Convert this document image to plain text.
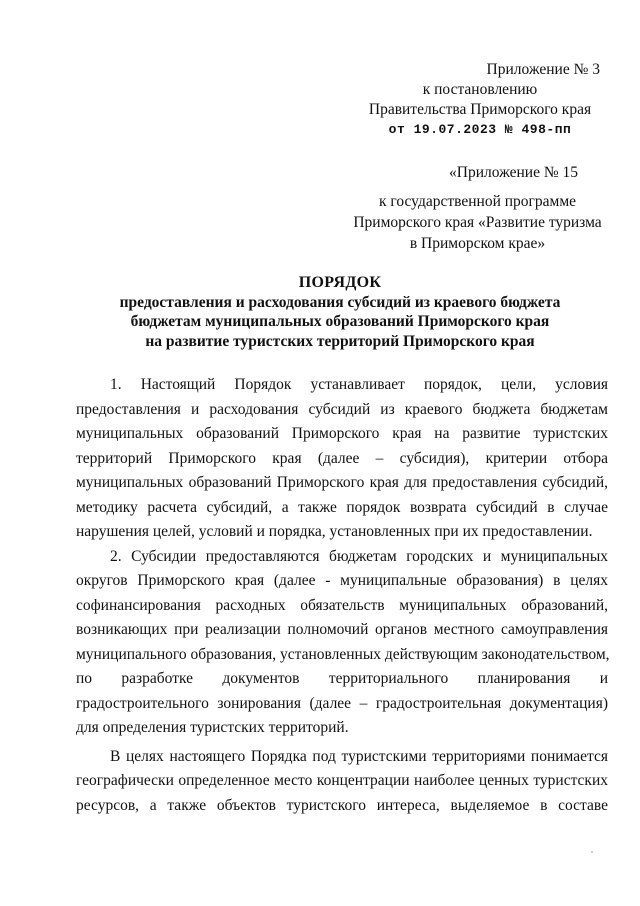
Приложение № 3
к постановлению
Правительства Приморского края
от 19.07.2023 № 498-пп
«Приложение № 15
к государственной программе
Приморского края «Развитие туризма
в Приморском крае»
ПОРЯДОК
предоставления и расходования субсидий из краевого бюджета
бюджетам муниципальных образований Приморского края
на развитие туристских территорий Приморского края
1. Настоящий Порядок устанавливает порядок, цели, условия
предоставления и расходования субсидий из краевого бюджета бюджетам
муниципальных образований Приморского края на развитие туристских
территорий Приморского края (далее – субсидия), критерии отбора
муниципальных образований Приморского края для предоставления субсидий,
методику расчета субсидий, а также порядок возврата субсидий в случае
нарушения целей, условий и порядка, установленных при их предоставлении.
2. Субсидии предоставляются бюджетам городских и муниципальных
округов Приморского края (далее - муниципальные образования) в целях
софинансирования расходных обязательств муниципальных образований,
возникающих при реализации полномочий органов местного самоуправления
муниципального образования, установленных действующим законодательством,
по разработке документов территориального планирования и
градостроительного зонирования (далее – градостроительная документация)
для определения туристских территорий.
В целях настоящего Порядка под туристскими территориями понимается
географически определенное место концентрации наиболее ценных туристских
ресурсов, а также объектов туристского интереса, выделяемое в составе
